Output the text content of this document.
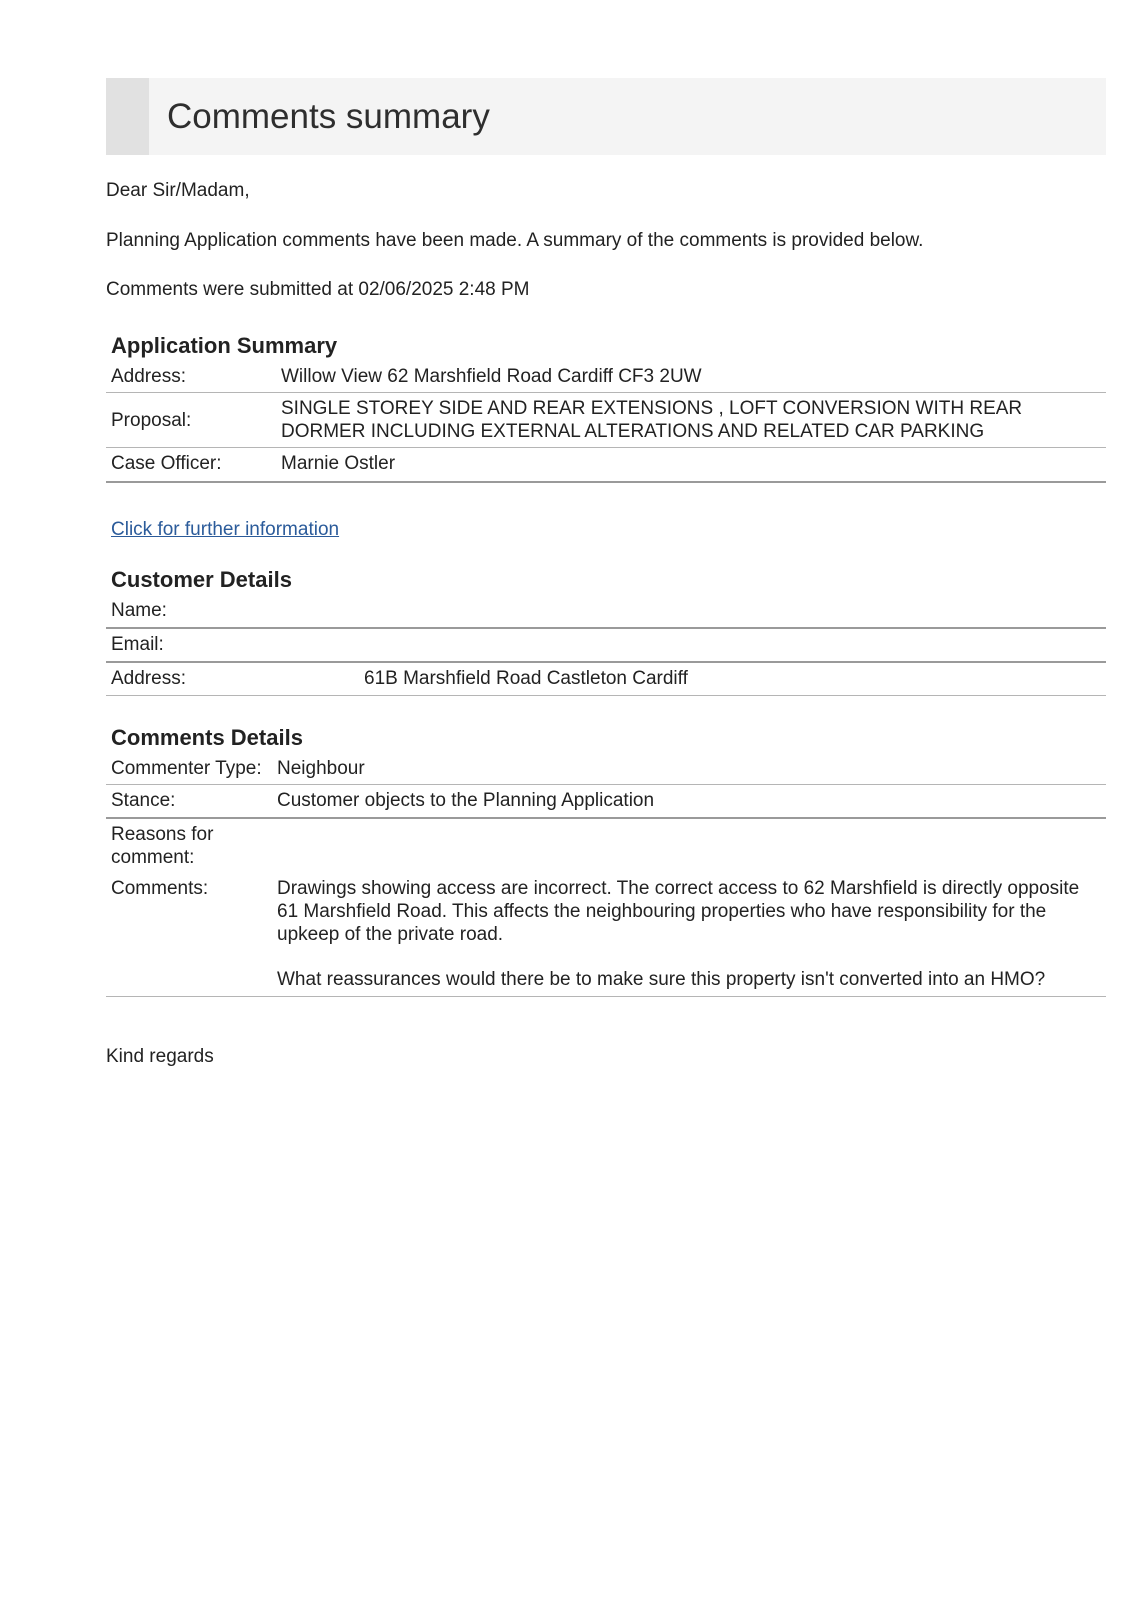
Comments summary

Dear Sir/Madam,

Planning Application comments have been made. A summary of the comments is provided below.

Comments were submitted at 02/06/2025 2:48 PM

Application Summary
Address:	Willow View 62 Marshfield Road Cardiff CF3 2UW
Proposal:	SINGLE STOREY SIDE AND REAR EXTENSIONS , LOFT CONVERSION WITH REAR DORMER INCLUDING EXTERNAL ALTERATIONS AND RELATED CAR PARKING
Case Officer:	Marnie Ostler
Click for further information
Customer Details
Name:	
Email:	
Address:	61B Marshfield Road Castleton Cardiff
Comments Details
Commenter Type:	Neighbour
Stance:	Customer objects to the Planning Application
Reasons for comment:	
Comments:	Drawings showing access are incorrect. The correct access to 62 Marshfield is directly opposite 61 Marshfield Road. This affects the neighbouring properties who have responsibility for the upkeep of the private road.

What reassurances would there be to make sure this property isn't converted into an HMO?

Kind regards
